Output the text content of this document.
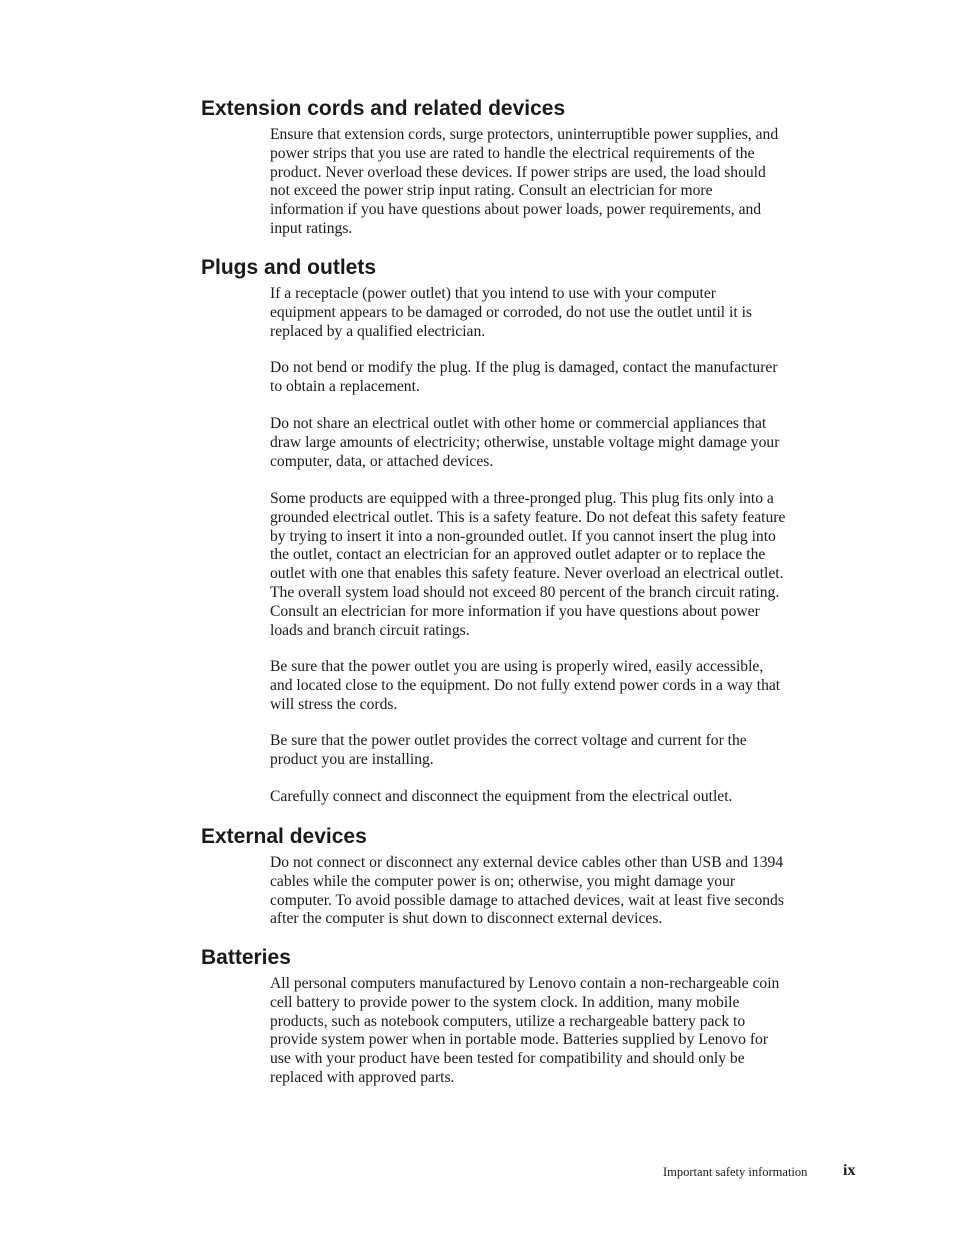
Extension cords and related devices

Ensure that extension cords, surge protectors, uninterruptible power supplies, and
power strips that you use are rated to handle the electrical requirements of the
product. Never overload these devices. If power strips are used, the load should
not exceed the power strip input rating. Consult an electrician for more
information if you have questions about power loads, power requirements, and
input ratings.

Plugs and outlets

If a receptacle (power outlet) that you intend to use with your computer
equipment appears to be damaged or corroded, do not use the outlet until it is
replaced by a qualified electrician.

Do not bend or modify the plug. If the plug is damaged, contact the manufacturer
to obtain a replacement.

Do not share an electrical outlet with other home or commercial appliances that
draw large amounts of electricity; otherwise, unstable voltage might damage your
computer, data, or attached devices.

Some products are equipped with a three-pronged plug. This plug fits only into a
grounded electrical outlet. This is a safety feature. Do not defeat this safety feature
by trying to insert it into a non-grounded outlet. If you cannot insert the plug into
the outlet, contact an electrician for an approved outlet adapter or to replace the
outlet with one that enables this safety feature. Never overload an electrical outlet.
The overall system load should not exceed 80 percent of the branch circuit rating.
Consult an electrician for more information if you have questions about power
loads and branch circuit ratings.

Be sure that the power outlet you are using is properly wired, easily accessible,
and located close to the equipment. Do not fully extend power cords in a way that
will stress the cords.

Be sure that the power outlet provides the correct voltage and current for the
product you are installing.

Carefully connect and disconnect the equipment from the electrical outlet.

External devices

Do not connect or disconnect any external device cables other than USB and 1394
cables while the computer power is on; otherwise, you might damage your
computer. To avoid possible damage to attached devices, wait at least five seconds
after the computer is shut down to disconnect external devices.

Batteries

All personal computers manufactured by Lenovo contain a non-rechargeable coin
cell battery to provide power to the system clock. In addition, many mobile
products, such as notebook computers, utilize a rechargeable battery pack to
provide system power when in portable mode. Batteries supplied by Lenovo for
use with your product have been tested for compatibility and should only be
replaced with approved parts.

Important safety information ix
